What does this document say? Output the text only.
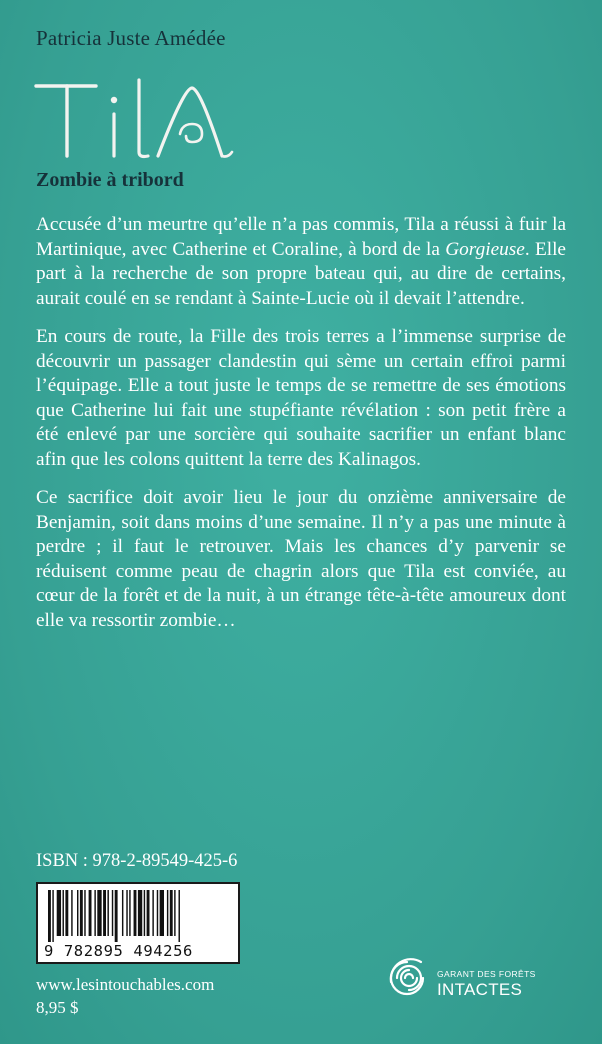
Patricia Juste Amédée
Zombie à tribord

Accusée d’un meurtre qu’elle n’a pas commis, Tila a réussi à fuir la Martinique, avec Catherine et Coraline, à bord de la Gorgieuse. Elle part à la recherche de son propre bateau qui, au dire de certains, aurait coulé en se rendant à Sainte-Lucie où il devait l’attendre.

En cours de route, la Fille des trois terres a l’immense surprise de découvrir un passager clandestin qui sème un certain effroi parmi l’équipage. Elle a tout juste le temps de se remettre de ses émotions que Catherine lui fait une stupéfiante révélation : son petit frère a été enlevé par une sorcière qui souhaite sacrifier un enfant blanc afin que les colons quittent la terre des Kalinagos.

Ce sacrifice doit avoir lieu le jour du onzième anniversaire de Benjamin, soit dans moins d’une semaine. Il n’y a pas une minute à perdre ; il faut le retrouver. Mais les chances d’y parvenir se réduisent comme peau de chagrin alors que Tila est conviée, au cœur de la forêt et de la nuit, à un étrange tête-à-tête amoureux dont elle va ressortir zombie…

ISBN : 978-2-89549-425-6
9 782895 494256
www.lesintouchables.com
8,95 $
GARANT DES FORÊTS
INTACTES
